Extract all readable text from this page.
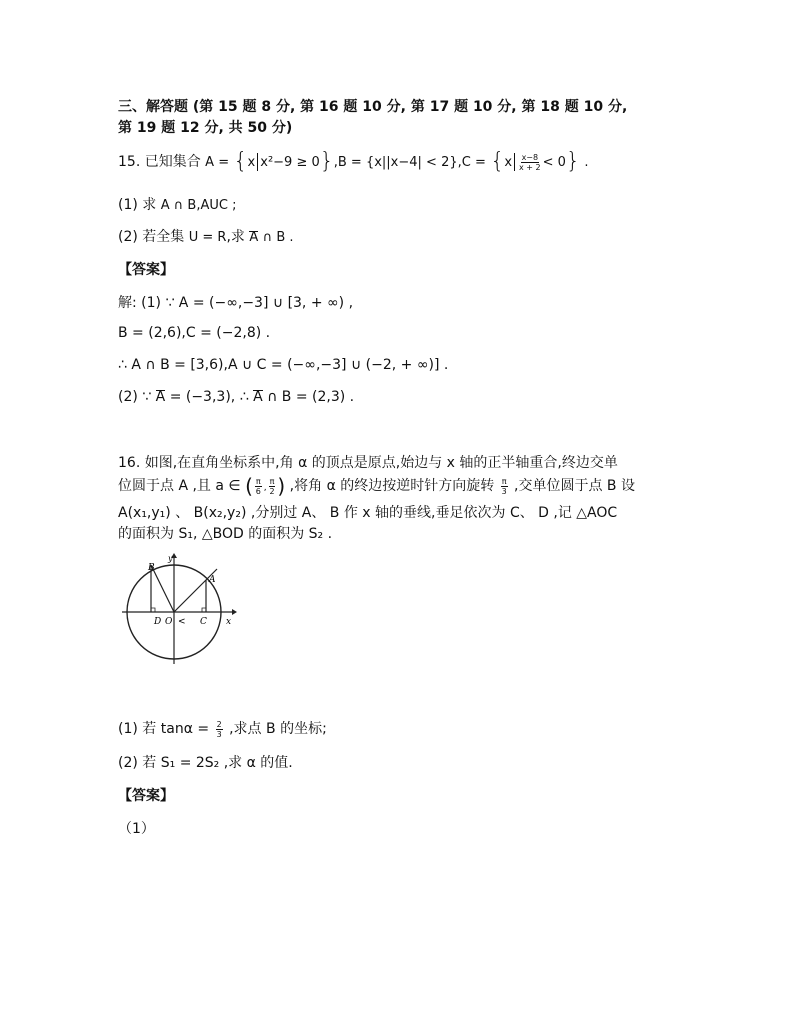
三、解答题 (第 15 题 8 分, 第 16 题 10 分, 第 17 题 10 分, 第 18 题 10 分,
第 19 题 12 分, 共 50 分)
15. 已知集合 A = {x $x^2-9 \ge 0\},B = \{x||x-4| < 2\},C = \{x \frac{x-8}{x + 2} < 0\}$ .
(1) 求 A ∩ B,AUC ;
(2) 若全集 U = R,求 A ∩ B .
【答案】
解: (1) ∵ A = (−∞,−3] ∪ [3, + ∞) ,
B = (2,6),C = (−2,8) .
∴ A ∩ B = [3,6),A ∪ C = (−∞,−3] ∪ (−2, + ∞)] .
(2) ∵ A = (−3,3), ∴ A ∩ B = (2,3) .
16. 如图,在直角坐标系中,角 α 的顶点是原点,始边与 x 轴的正半轴重合,终边交单
位圆于点 A ,且 a ∈ ( $\frac{\pi}{6}$ , $\frac{\pi}{2}$ ) ,将角 α 的终边按逆时针方向旋转 $\frac{\pi}{3}$ ,交单位圆于点 B 设
A(x₁,y₁) 、 B(x₂,y₂) ,分别过 A、 B 作 x 轴的垂线,垂足依次为 C、 D ,记 △AOC
的面积为 S₁, △BOD 的面积为 S₂ .
B
A
D O < C x
y
(1) 若 $\tan\alpha = \frac{2}{3}$ ,求点 B 的坐标;
(2) 若 S₁ = 2S₂ ,求 α 的值.
【答案】
（1）
